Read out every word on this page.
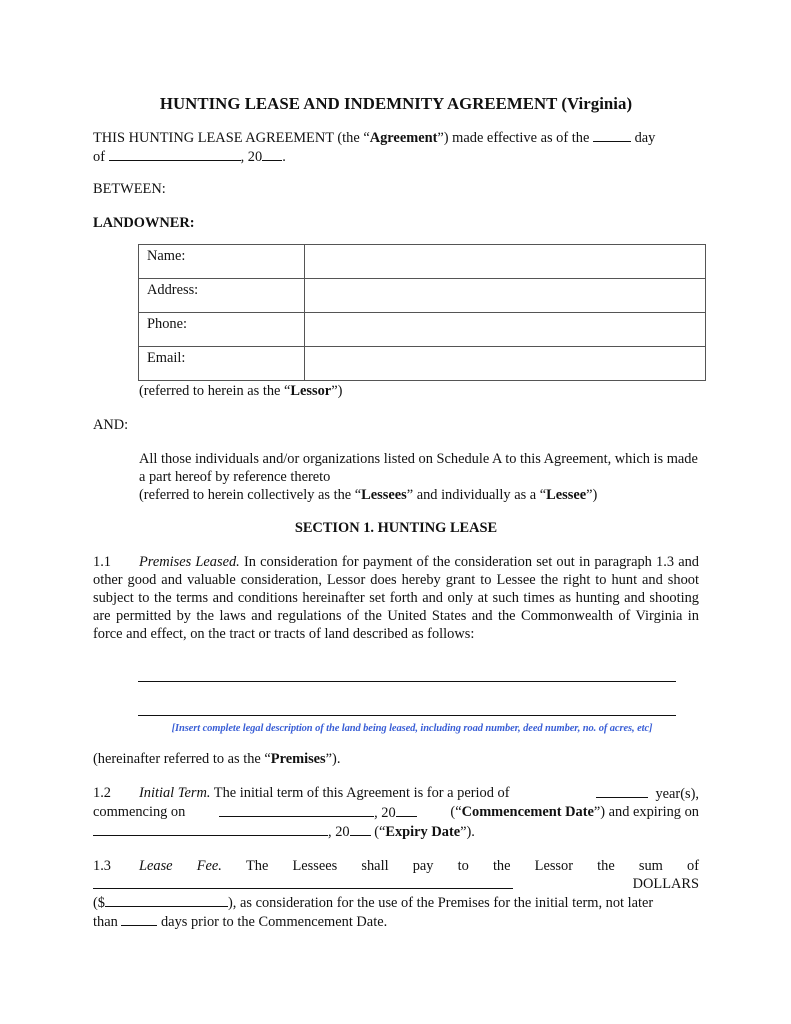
HUNTING LEASE AND INDEMNITY AGREEMENT (Virginia)

THIS HUNTING LEASE AGREEMENT (the “Agreement”) made effective as of the	day
of	, 20 .

BETWEEN:

LANDOWNER:

Name:	
Address:	
Phone:	
Email:	

(referred to herein as the “Lessor”)

AND:

All those individuals and/or organizations listed on Schedule A to this Agreement, which is made a part hereof by reference thereto

(referred to herein collectively as the “Lessees” and individually as a “Lessee”)

SECTION 1. HUNTING LEASE

1.1 Premises Leased. In consideration for payment of the consideration set out in paragraph 1.3 and other good and valuable consideration, Lessor does hereby grant to Lessee the right to hunt and shoot subject to the terms and conditions hereinafter set forth and only at such times as hunting and shooting are permitted by the laws and regulations of the United States and the Commonwealth of Virginia in force and effect, on the tract or tracts of land described as follows:

[Insert complete legal description of the land being leased, including road number, deed number, no. of acres, etc]

(hereinafter referred to as the “Premises”).

1.2 Initial Term. The initial term of this Agreement is for a period of	year(s),
commencing on	, 20	(“Commencement Date”) and expiring on
, 20 (“Expiry Date”).
1.3 Lease Fee. The Lessees shall pay to the Lessor the sum of
DOLLARS
($	), as consideration for the use of the Premises for the initial term, not later
than	days prior to the Commencement Date.
